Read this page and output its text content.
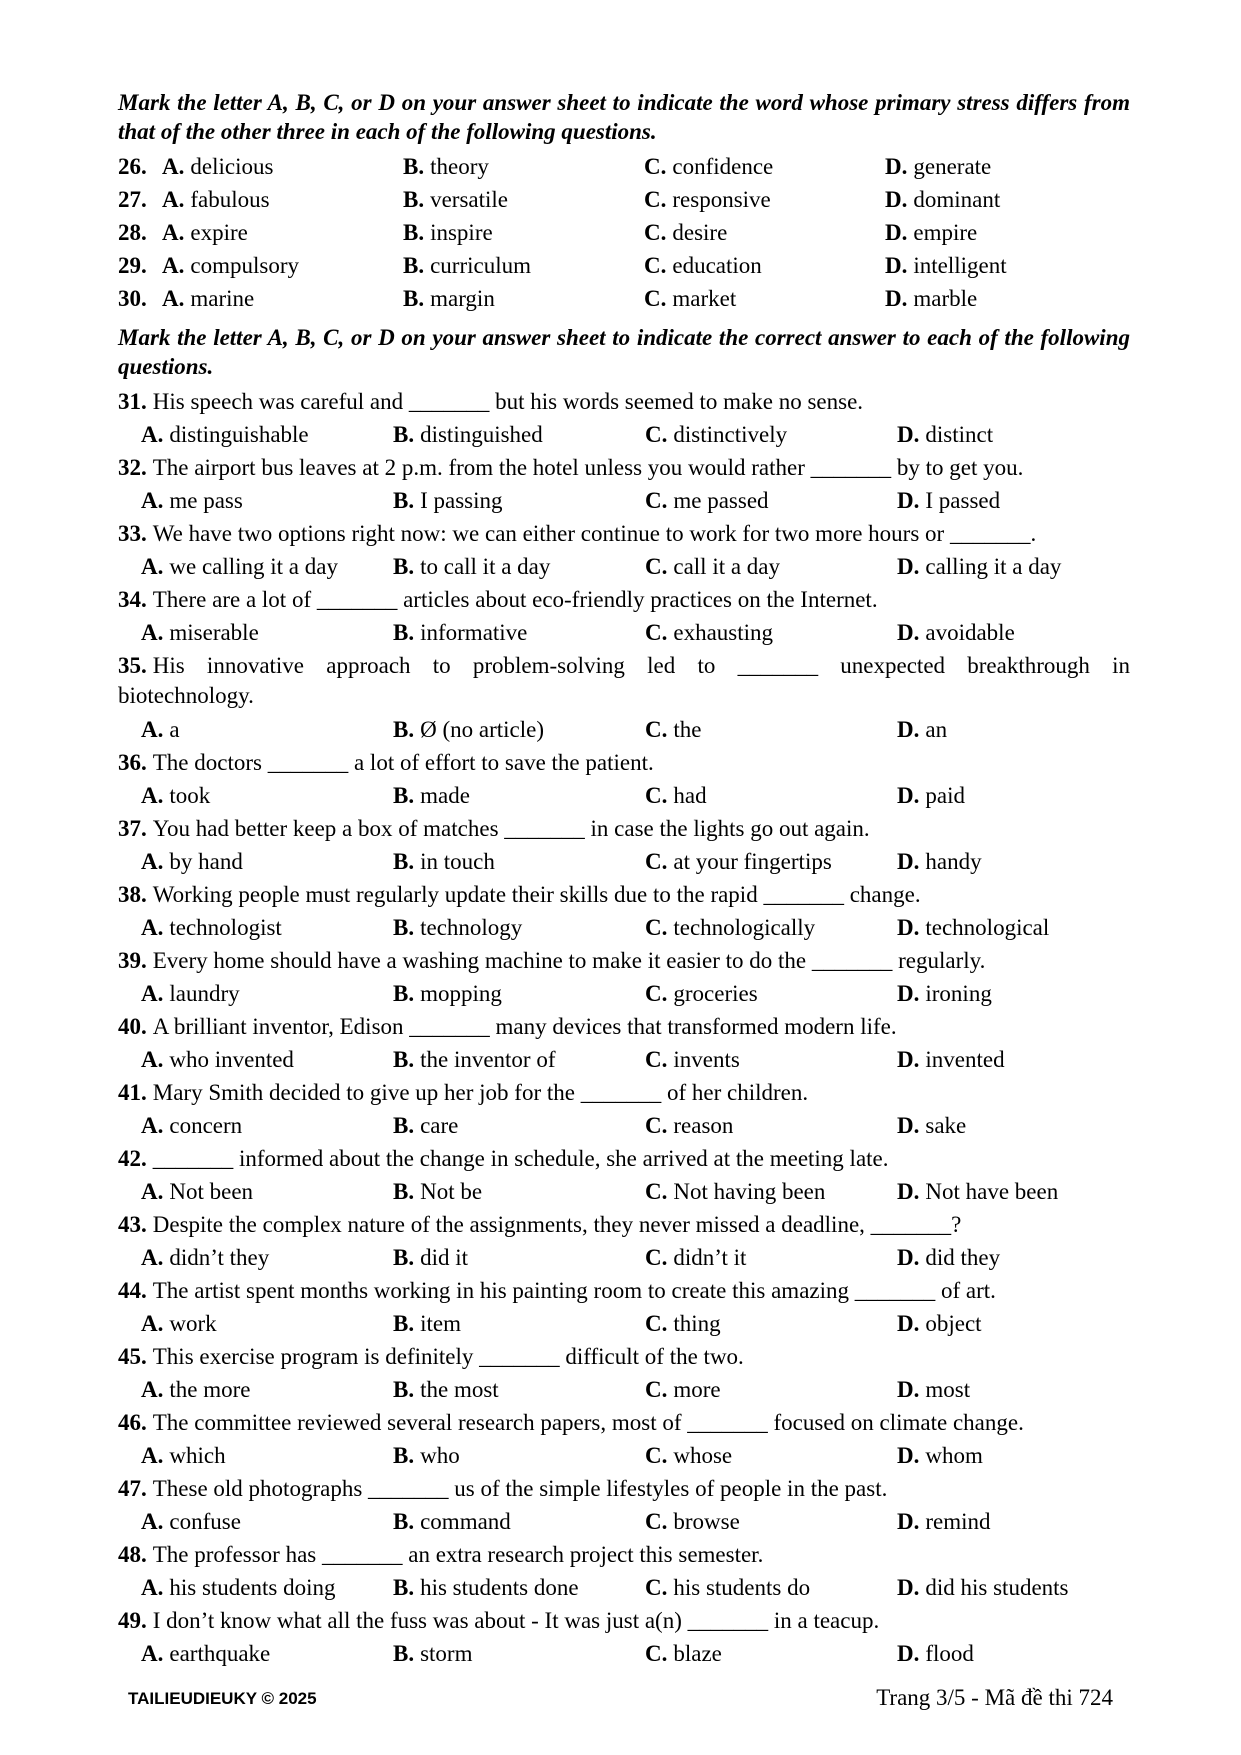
Mark the letter A, B, C, or D on your answer sheet to indicate the word whose primary stress differs from that of the other three in each of the following questions.

26. A. delicious	B. theory	C. confidence	D. generate
27. A. fabulous	B. versatile	C. responsive	D. dominant
28. A. expire	B. inspire	C. desire	D. empire
29. A. compulsory	B. curriculum	C. education	D. intelligent
30. A. marine	B. margin	C. market	D. marble

Mark the letter A, B, C, or D on your answer sheet to indicate the correct answer to each of the following questions.

31. His speech was careful and _______ but his words seemed to make no sense.
A. distinguishable	B. distinguished	C. distinctively	D. distinct
32. The airport bus leaves at 2 p.m. from the hotel unless you would rather _______ by to get you.
A. me pass	B. I passing	C. me passed	D. I passed
33. We have two options right now: we can either continue to work for two more hours or _______.
A. we calling it a day	B. to call it a day	C. call it a day	D. calling it a day
34. There are a lot of _______ articles about eco-friendly practices on the Internet.
A. miserable	B. informative	C. exhausting	D. avoidable
35. His innovative approach to problem-solving led to _______ unexpected breakthrough in biotechnology.
A. a	B. Ø (no article)	C. the	D. an
36. The doctors _______ a lot of effort to save the patient.
A. took	B. made	C. had	D. paid
37. You had better keep a box of matches _______ in case the lights go out again.
A. by hand	B. in touch	C. at your fingertips	D. handy
38. Working people must regularly update their skills due to the rapid _______ change.
A. technologist	B. technology	C. technologically	D. technological
39. Every home should have a washing machine to make it easier to do the _______ regularly.
A. laundry	B. mopping	C. groceries	D. ironing
40. A brilliant inventor, Edison _______ many devices that transformed modern life.
A. who invented	B. the inventor of	C. invents	D. invented
41. Mary Smith decided to give up her job for the _______ of her children.
A. concern	B. care	C. reason	D. sake
42. _______ informed about the change in schedule, she arrived at the meeting late.
A. Not been	B. Not be	C. Not having been	D. Not have been
43. Despite the complex nature of the assignments, they never missed a deadline, _______?
A. didn’t they	B. did it	C. didn’t it	D. did they
44. The artist spent months working in his painting room to create this amazing _______ of art.
A. work	B. item	C. thing	D. object
45. This exercise program is definitely _______ difficult of the two.
A. the more	B. the most	C. more	D. most
46. The committee reviewed several research papers, most of _______ focused on climate change.
A. which	B. who	C. whose	D. whom
47. These old photographs _______ us of the simple lifestyles of people in the past.
A. confuse	B. command	C. browse	D. remind
48. The professor has _______ an extra research project this semester.
A. his students doing	B. his students done	C. his students do	D. did his students
49. I don’t know what all the fuss was about - It was just a(n) _______ in a teacup.
A. earthquake	B. storm	C. blaze	D. flood
TAILIEUDIEUKY © 2025	Trang 3/5 - Mã đề thi 724
